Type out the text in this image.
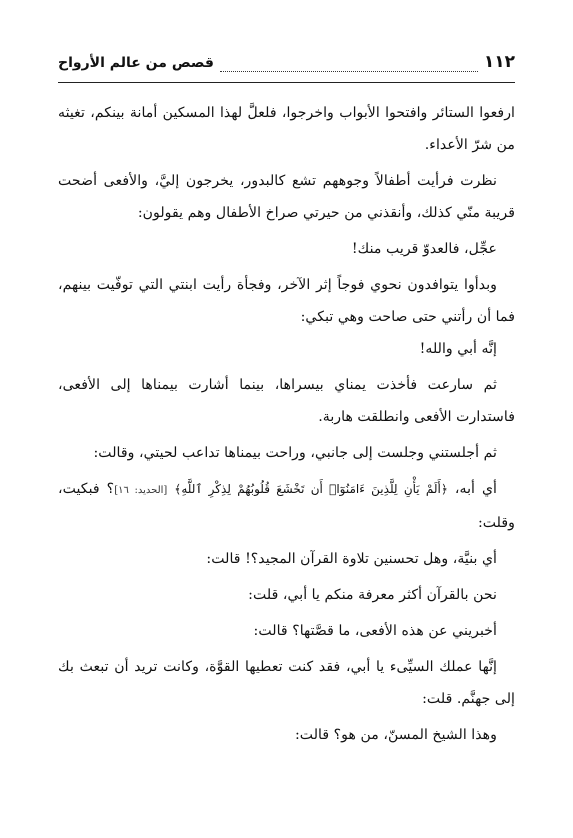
١١٢
قصص من عالم الأرواح

ارفعوا الستائر وافتحوا الأبواب واخرجوا، فلعلَّ لهذا المسكين أمانة بينكم، تغيثه من شرّ الأعداء.

نظرت فرأيت أطفالاً وجوههم تشع كالبدور، يخرجون إليَّ، والأفعى أضحت قريبة منّي كذلك، وأنقذني من حيرتي صراخ الأطفال وهم يقولون:

عجِّل، فالعدوّ قريب منك!

وبدأوا يتوافدون نحوي فوجاً إثر الآخر، وفجأة رأيت ابنتي التي توفّيت بينهم، فما أن رأتني حتى صاحت وهي تبكي:

إنَّه أبي والله!

ثم سارعت فأخذت يمناي بيسراها، بينما أشارت بيمناها إلى الأفعى، فاستدارت الأفعى وانطلقت هاربة.

ثم أجلستني وجلست إلى جانبي، وراحت بيمناها تداعب لحيتي، وقالت:

أي أبه، ﴿أَلَمْ يَأْنِ لِلَّذِينَ ءَامَنُوٓا۟ أَن تَخْشَعَ قُلُوبُهُمْ لِذِكْرِ ٱللَّهِ﴾ [الحديد: ١٦]؟ فبكيت، وقلت:

أي بنيَّة، وهل تحسنين تلاوة القرآن المجيد؟! قالت:

نحن بالقرآن أكثر معرفة منكم يا أبي، قلت:

أخبريني عن هذه الأفعى، ما قصَّتها؟ قالت:

إنَّها عملك السيِّىء يا أبي، فقد كنت تعطيها القوَّة، وكانت تريد أن تبعث بك إلى جهنَّم. قلت:

وهذا الشيخ المسنّ، من هو؟ قالت:
